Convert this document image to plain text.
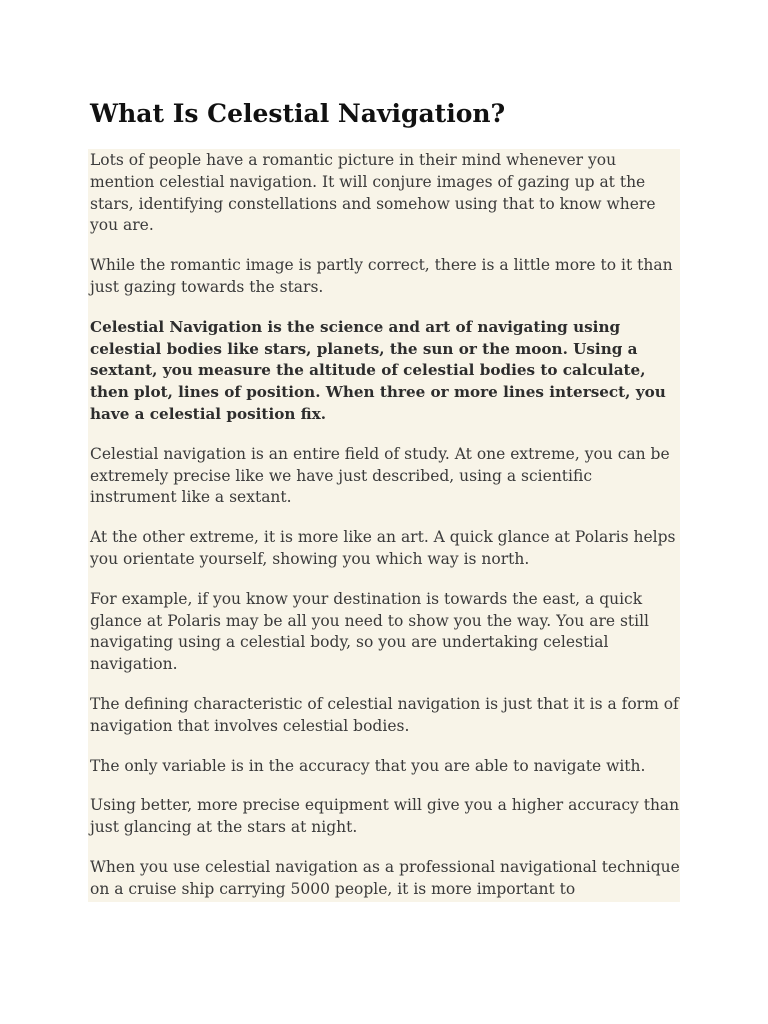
What Is Celestial Navigation?

Lots of people have a romantic picture in their mind whenever you mention celestial navigation. It will conjure images of gazing up at the stars, identifying constellations and somehow using that to know where you are.

While the romantic image is partly correct, there is a little more to it than just gazing towards the stars.

Celestial Navigation is the science and art of navigating using celestial bodies like stars, planets, the sun or the moon. Using a sextant, you measure the altitude of celestial bodies to calculate, then plot, lines of position. When three or more lines intersect, you have a celestial position fix.

Celestial navigation is an entire field of study. At one extreme, you can be extremely precise like we have just described, using a scientific instrument like a sextant.

At the other extreme, it is more like an art. A quick glance at Polaris helps you orientate yourself, showing you which way is north.

For example, if you know your destination is towards the east, a quick glance at Polaris may be all you need to show you the way. You are still navigating using a celestial body, so you are undertaking celestial navigation.

The defining characteristic of celestial navigation is just that it is a form of navigation that involves celestial bodies.

The only variable is in the accuracy that you are able to navigate with.

Using better, more precise equipment will give you a higher accuracy than just glancing at the stars at night.

When you use celestial navigation as a professional navigational technique on a cruise ship carrying 5000 people, it is more important to
